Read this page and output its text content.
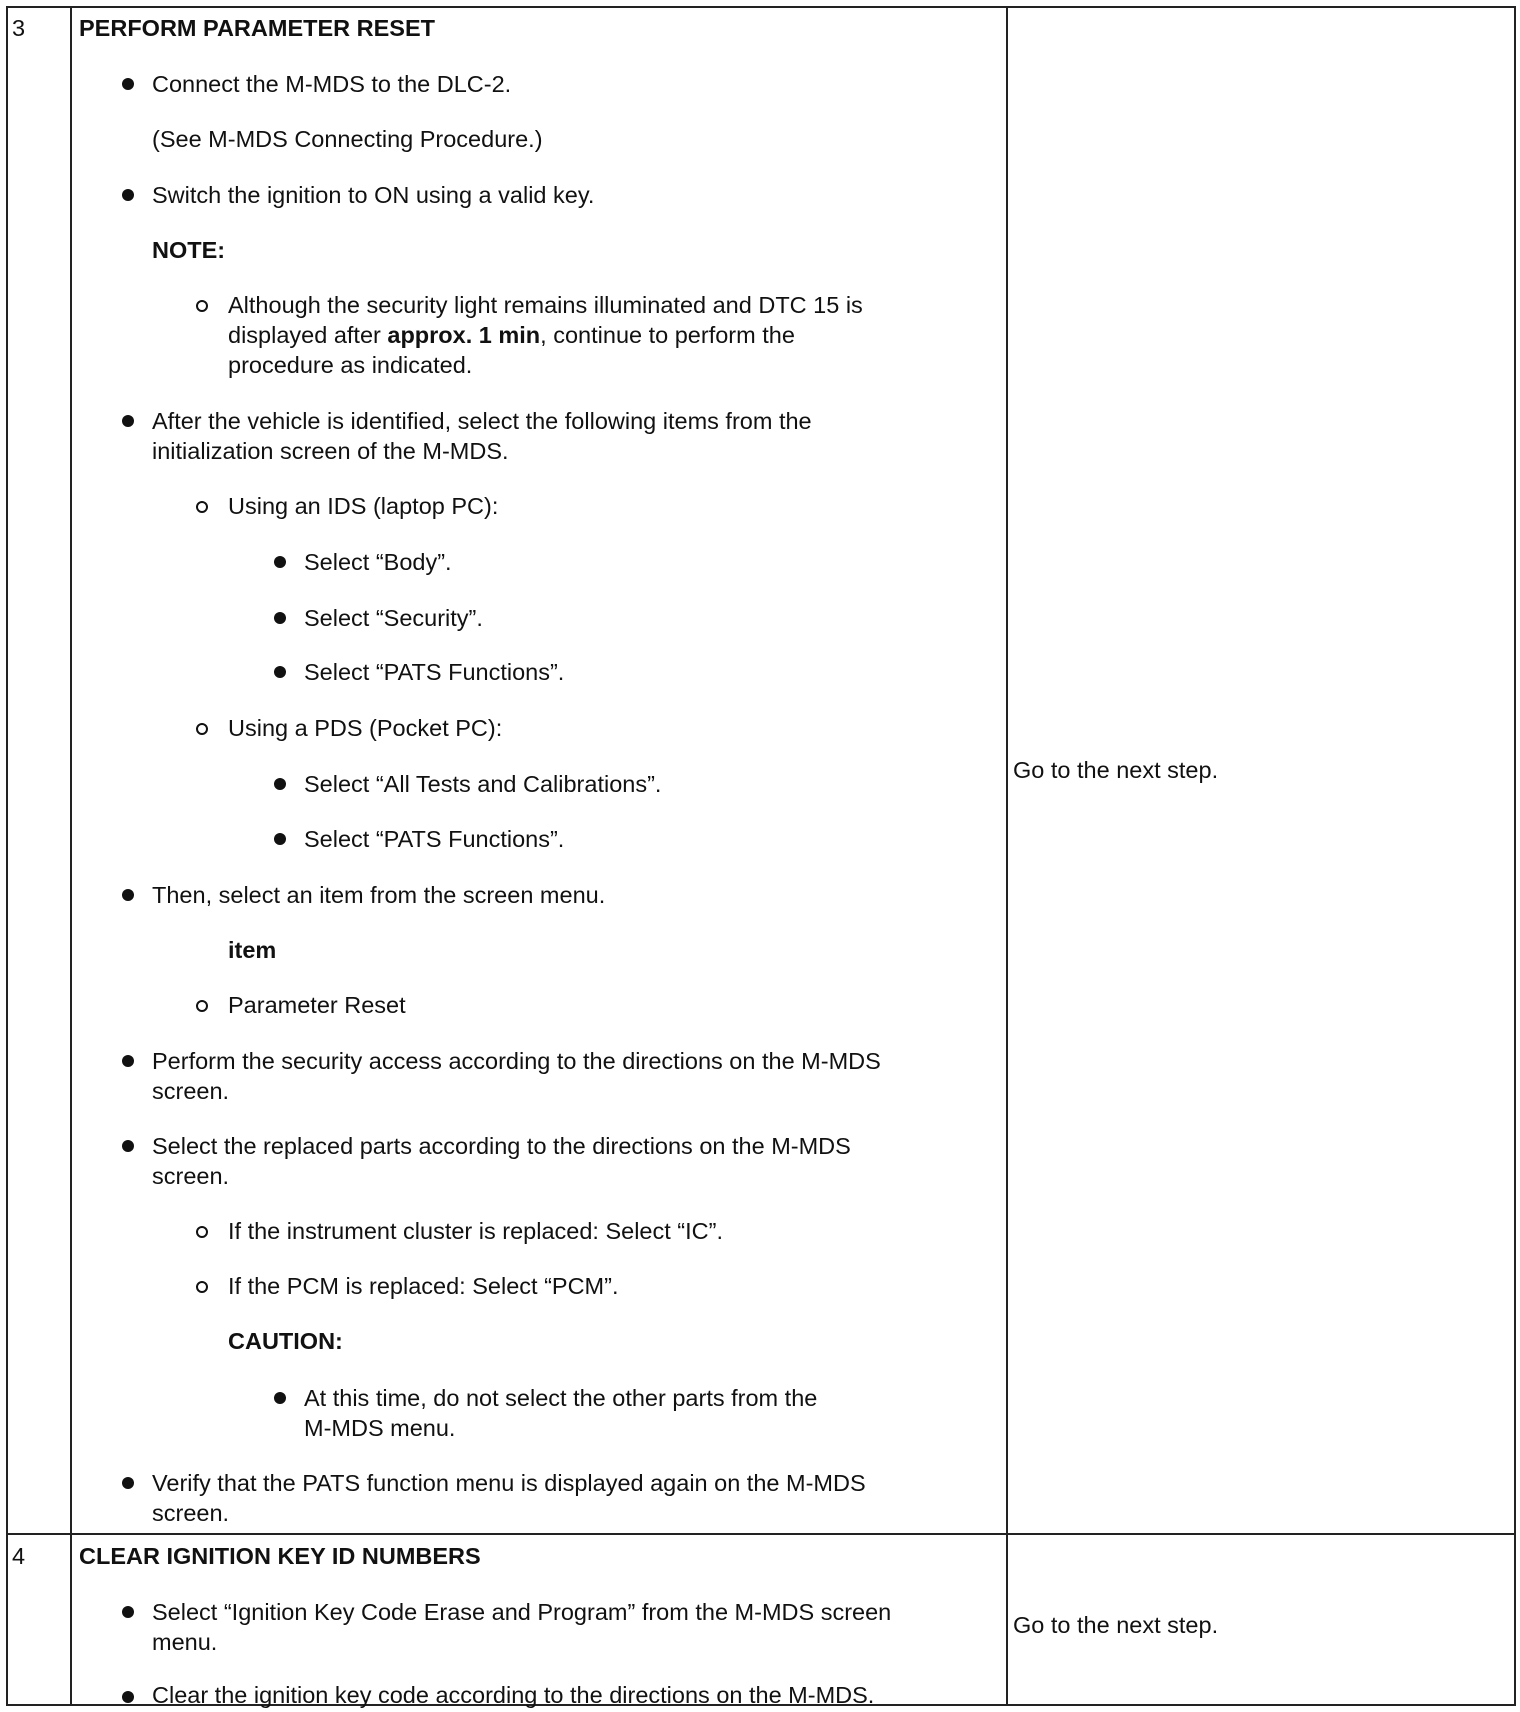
3 PERFORM PARAMETER RESET
Connect the M-MDS to the DLC-2.
(See M-MDS Connecting Procedure.)
Switch the ignition to ON using a valid key.
NOTE:
Although the security light remains illuminated and DTC 15 is
displayed after approx. 1 min, continue to perform the
procedure as indicated.
After the vehicle is identified, select the following items from the
initialization screen of the M-MDS.
Using an IDS (laptop PC):
Select “Body”.
Select “Security”.
Select “PATS Functions”.
Using a PDS (Pocket PC):
Select “All Tests and Calibrations”.
Select “PATS Functions”.
Then, select an item from the screen menu.
item
Parameter Reset
Perform the security access according to the directions on the M-MDS
screen.
Select the replaced parts according to the directions on the M-MDS
screen.
If the instrument cluster is replaced: Select “IC”.
If the PCM is replaced: Select “PCM”.
CAUTION:
At this time, do not select the other parts from the
M-MDS menu.
Verify that the PATS function menu is displayed again on the M-MDS
screen.
Go to the next step.
4 CLEAR IGNITION KEY ID NUMBERS
Select “Ignition Key Code Erase and Program” from the M-MDS screen
menu.
Clear the ignition key code according to the directions on the M-MDS.
Go to the next step.
